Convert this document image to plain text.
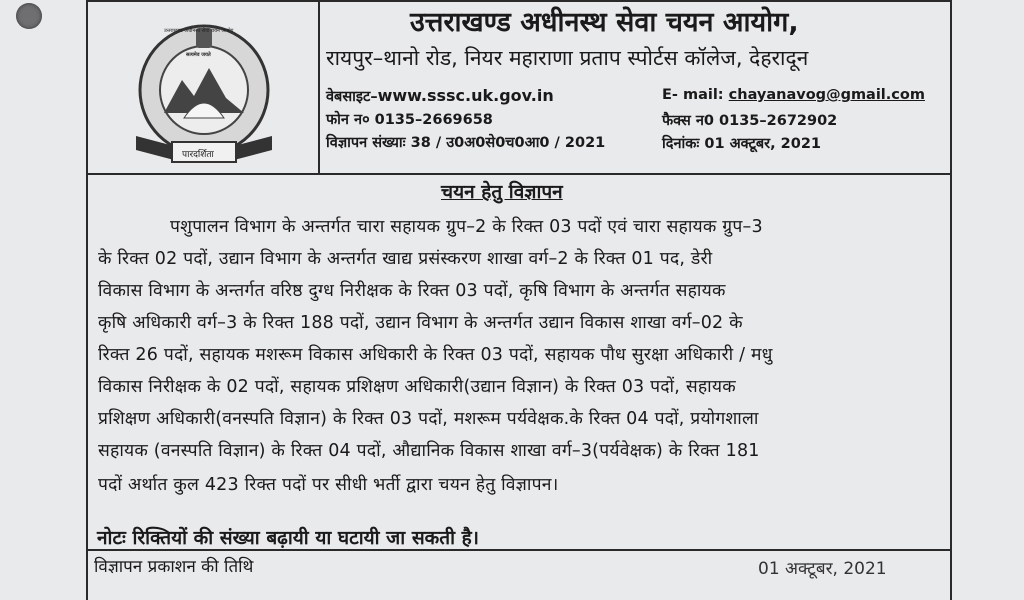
सत्यमेव जयते
उत्तराखण्ड अधीनस्थ सेवा चयन आयोग
पारदर्शिता
उत्तराखण्ड अधीनस्थ सेवा चयन आयोग,
रायपुर–थानो रोड, नियर महाराणा प्रताप स्पोर्टस कॉलेज, देहरादून
वेबसाइट–www.sssc.uk.gov.in	E- mail: chayanavog@gmail.com
फोन न० 0135–2669658	फैक्स न0 0135–2672902
विज्ञापन संख्याः 38 / उ0अ0से0च0आ0 / 2021	दिनांकः 01 अक्टूबर, 2021
चयन हेतु विज्ञापन
पशुपालन विभाग के अन्तर्गत चारा सहायक ग्रुप–2 के रिक्त 03 पदों एवं चारा सहायक ग्रुप–3
के रिक्त 02 पदों, उद्यान विभाग के अन्तर्गत खाद्य प्रसंस्करण शाखा वर्ग–2 के रिक्त 01 पद, डेरी
विकास विभाग के अन्तर्गत वरिष्ठ दुग्ध निरीक्षक के रिक्त 03 पदों, कृषि विभाग के अन्तर्गत सहायक
कृषि अधिकारी वर्ग–3 के रिक्त 188 पदों, उद्यान विभाग के अन्तर्गत उद्यान विकास शाखा वर्ग–02 के
रिक्त 26 पदों, सहायक मशरूम विकास अधिकारी के रिक्त 03 पदों, सहायक पौध सुरक्षा अधिकारी / मधु
विकास निरीक्षक के 02 पदों, सहायक प्रशिक्षण अधिकारी(उद्यान विज्ञान) के रिक्त 03 पदों, सहायक
प्रशिक्षण अधिकारी(वनस्पति विज्ञान) के रिक्त 03 पदों, मशरूम पर्यवेक्षक.के रिक्त 04 पदों, प्रयोगशाला
सहायक (वनस्पति विज्ञान) के रिक्त 04 पदों, औद्यानिक विकास शाखा वर्ग–3(पर्यवेक्षक) के रिक्त 181
पदों अर्थात कुल 423 रिक्त पदों पर सीधी भर्ती द्वारा चयन हेतु विज्ञापन।
नोटः रिक्तियों की संख्या बढ़ायी या घटायी जा सकती है।
विज्ञापन प्रकाशन की तिथि	01 अक्टूबर, 2021
